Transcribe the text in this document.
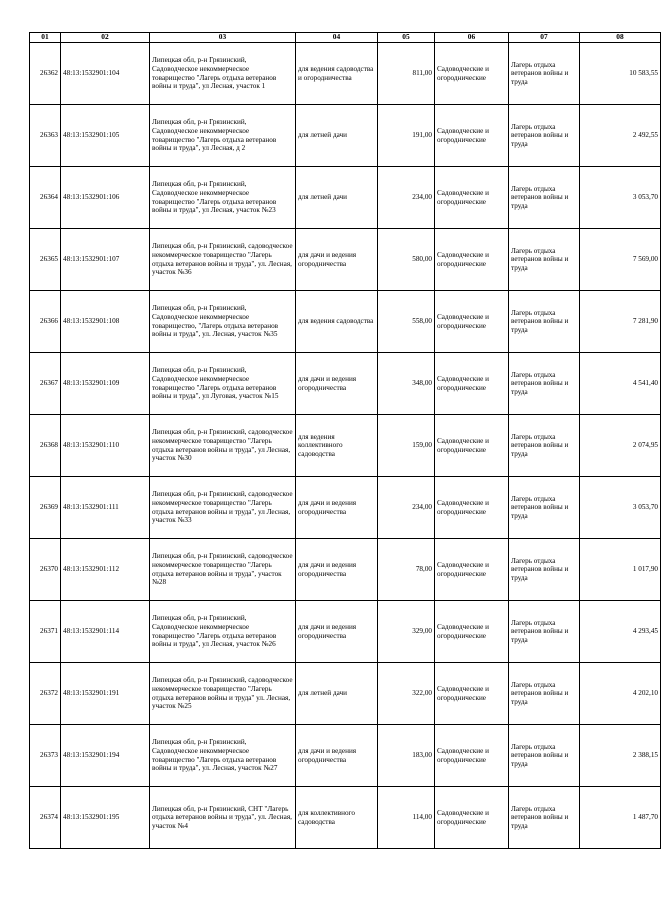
01	02	03	04	05	06	07	08
26362	48:13:1532901:104	Липецкая обл, р-н Грязинский, Садоводческое некоммерческое товарищество "Лагерь отдыха ветеранов войны и труда", ул Лесная, участок 1	для ведения садоводства и огородничества	811,00	Садоводческие и огороднические	Лагерь отдыха ветеранов войны и труда	10 583,55
26363	48:13:1532901:105	Липецкая обл, р-н Грязинский, Садоводческое некоммерческое товарищество "Лагерь отдыха ветеранов войны и труда", ул Лесная, д 2	для летней дачи	191,00	Садоводческие и огороднические	Лагерь отдыха ветеранов войны и труда	2 492,55
26364	48:13:1532901:106	Липецкая обл, р-н Грязинский, Садоводческое некоммерческое товарищество "Лагерь отдыха ветеранов войны и труда", ул Лесная, участок №23	для летней дачи	234,00	Садоводческие и огороднические	Лагерь отдыха ветеранов войны и труда	3 053,70
26365	48:13:1532901:107	Липецкая обл, р-н Грязинский, садоводческое некоммерческое товарищество "Лагерь отдыха ветеранов войны и труда", ул. Лесная, участок №36	для дачи и ведения огородничества	580,00	Садоводческие и огороднические	Лагерь отдыха ветеранов войны и труда	7 569,00
26366	48:13:1532901:108	Липецкая обл, р-н Грязинский, Садоводческое некоммерческое товарищество, "Лагерь отдыха ветеранов войны и труда", ул. Лесная, участок №35	для ведения садоводства	558,00	Садоводческие и огороднические	Лагерь отдыха ветеранов войны и труда	7 281,90
26367	48:13:1532901:109	Липецкая обл, р-н Грязинский, Садоводческое некоммерческое товарищество "Лагерь отдыха ветеранов войны и труда", ул Луговая, участок №15	для дачи и ведения огородничества	348,00	Садоводческие и огороднические	Лагерь отдыха ветеранов войны и труда	4 541,40
26368	48:13:1532901:110	Липецкая обл, р-н Грязинский, садоводческое некоммерческое товарищество "Лагерь отдыха ветеранов войны и труда", ул Лесная, участок №30	для ведения коллективного садоводства	159,00	Садоводческие и огороднические	Лагерь отдыха ветеранов войны и труда	2 074,95
26369	48:13:1532901:111	Липецкая обл, р-н Грязинский, садоводческое некоммерческое товарищество "Лагерь отдыха ветеранов войны и труда", ул Лесная, участок №33	для дачи и ведения огородничества	234,00	Садоводческие и огороднические	Лагерь отдыха ветеранов войны и труда	3 053,70
26370	48:13:1532901:112	Липецкая обл, р-н Грязинский, садоводческое некоммерческое товарищество "Лагерь отдыха ветеранов войны и труда", участок №28	для дачи и ведения огородничества	78,00	Садоводческие и огороднические	Лагерь отдыха ветеранов войны и труда	1 017,90
26371	48:13:1532901:114	Липецкая обл, р-н Грязинский, Садоводческое некоммерческое товарищество "Лагерь отдыха ветеранов войны и труда", ул Лесная, участок №26	для дачи и ведения огородничества	329,00	Садоводческие и огороднические	Лагерь отдыха ветеранов войны и труда	4 293,45
26372	48:13:1532901:191	Липецкая обл, р-н Грязинский, садоводческое некоммерческое товарищество "Лагерь отдыха ветеранов войны и труда" ул. Лесная, участок №25	для летней дачи	322,00	Садоводческие и огороднические	Лагерь отдыха ветеранов войны и труда	4 202,10
26373	48:13:1532901:194	Липецкая обл, р-н Грязинский, Садоводческое некоммерческое товарищество "Лагерь отдыха ветеранов войны и труда", ул. Лесная, участок №27	для дачи и ведения огородничества	183,00	Садоводческие и огороднические	Лагерь отдыха ветеранов войны и труда	2 388,15
26374	48:13:1532901:195	Липецкая обл, р-н Грязинский, СНТ "Лагерь отдыха ветеранов войны и труда", ул. Лесная, участок №4	для коллективного садоводства	114,00	Садоводческие и огороднические	Лагерь отдыха ветеранов войны и труда	1 487,70
